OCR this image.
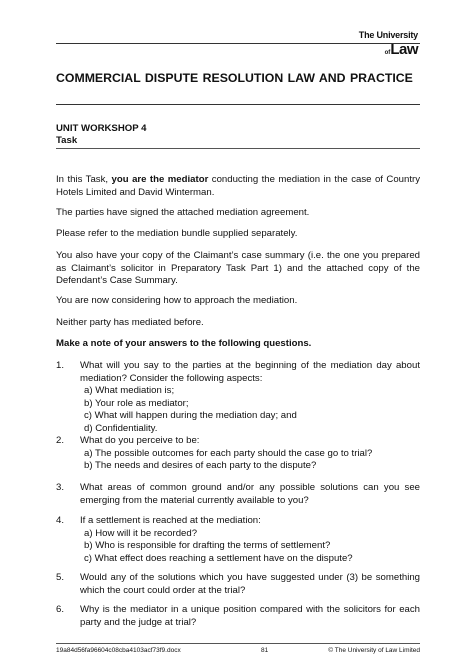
The University
ofLaw
COMMERCIAL DISPUTE RESOLUTION LAW AND PRACTICE
UNIT WORKSHOP 4
Task

In this Task, you are the mediator conducting the mediation in the case of Country Hotels Limited and David Winterman.

The parties have signed the attached mediation agreement.

Please refer to the mediation bundle supplied separately.

You also have your copy of the Claimant’s case summary (i.e. the one you prepared as Claimant’s solicitor in Preparatory Task Part 1) and the attached copy of the Defendant’s Case Summary.

You are now considering how to approach the mediation.

Neither party has mediated before.

Make a note of your answers to the following questions.

1. What will you say to the parties at the beginning of the mediation day about mediation? Consider the following aspects:
a) What mediation is;
b) Your role as mediator;
c) What will happen during the mediation day; and
d) Confidentiality.
2. What do you perceive to be:
a) The possible outcomes for each party should the case go to trial?
b) The needs and desires of each party to the dispute?
3. What areas of common ground and/or any possible solutions can you see emerging from the material currently available to you?
4. If a settlement is reached at the mediation:
a) How will it be recorded?
b) Who is responsible for drafting the terms of settlement?
c) What effect does reaching a settlement have on the dispute?
5. Would any of the solutions which you have suggested under (3) be something which the court could order at the trial?
6. Why is the mediator in a unique position compared with the solicitors for each party and the judge at trial?
19a84d56fa96604c08cba4103acf73f9.docx	81	© The University of Law Limited
